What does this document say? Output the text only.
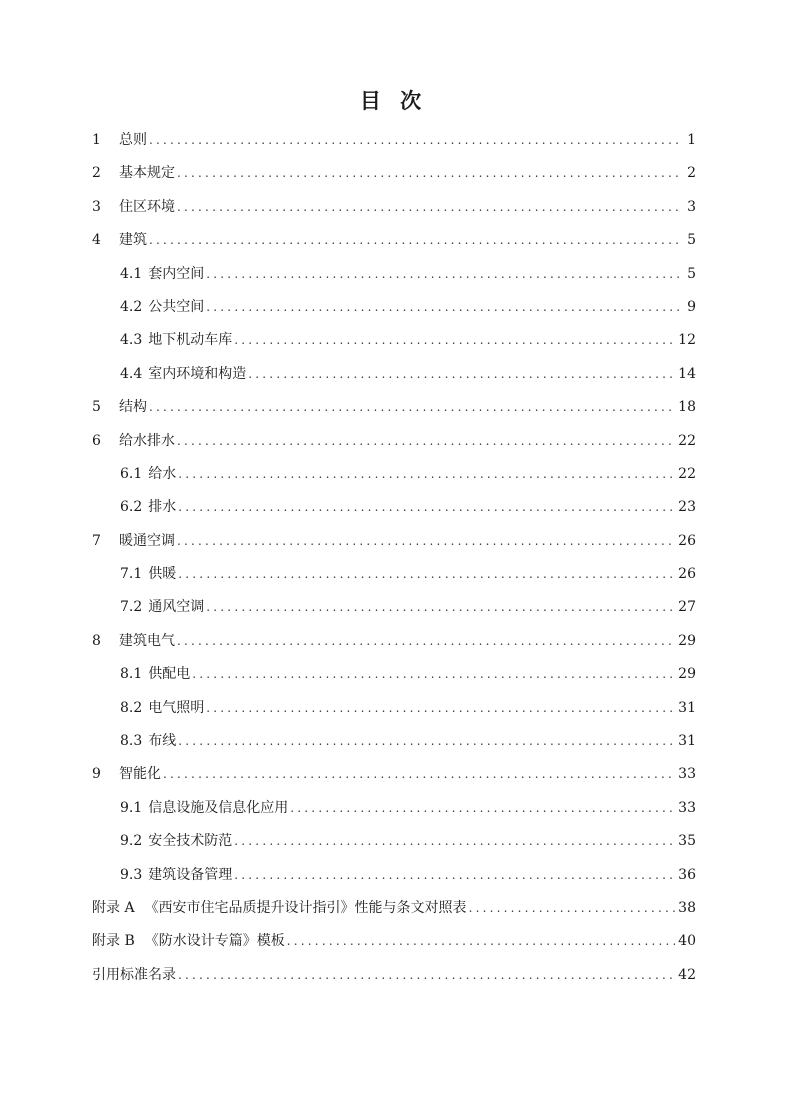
目 次
1 总则 .....	1
2 基本规定 .....	2
3 住区环境 .....	3
4 建筑 .....	5
4.1 套内空间 .....	5
4.2 公共空间 .....	9
4.3 地下机动车库 .....	12
4.4 室内环境和构造 .....	14
5 结构 .....	18
6 给水排水 .....	22
6.1 给水 .....	22
6.2 排水 .....	23
7 暖通空调 .....	26
7.1 供暖 .....	26
7.2 通风空调 .....	27
8 建筑电气 .....	29
8.1 供配电 .....	29
8.2 电气照明 .....	31
8.3 布线 .....	31
9 智能化 .....	33
9.1 信息设施及信息化应用 .....	33
9.2 安全技术防范 .....	35
9.3 建筑设备管理 .....	36
附录 A 《西安市住宅品质提升设计指引》性能与条文对照表 .....	38
附录 B 《防水设计专篇》模板 .....	40
引用标准名录 .....	42
